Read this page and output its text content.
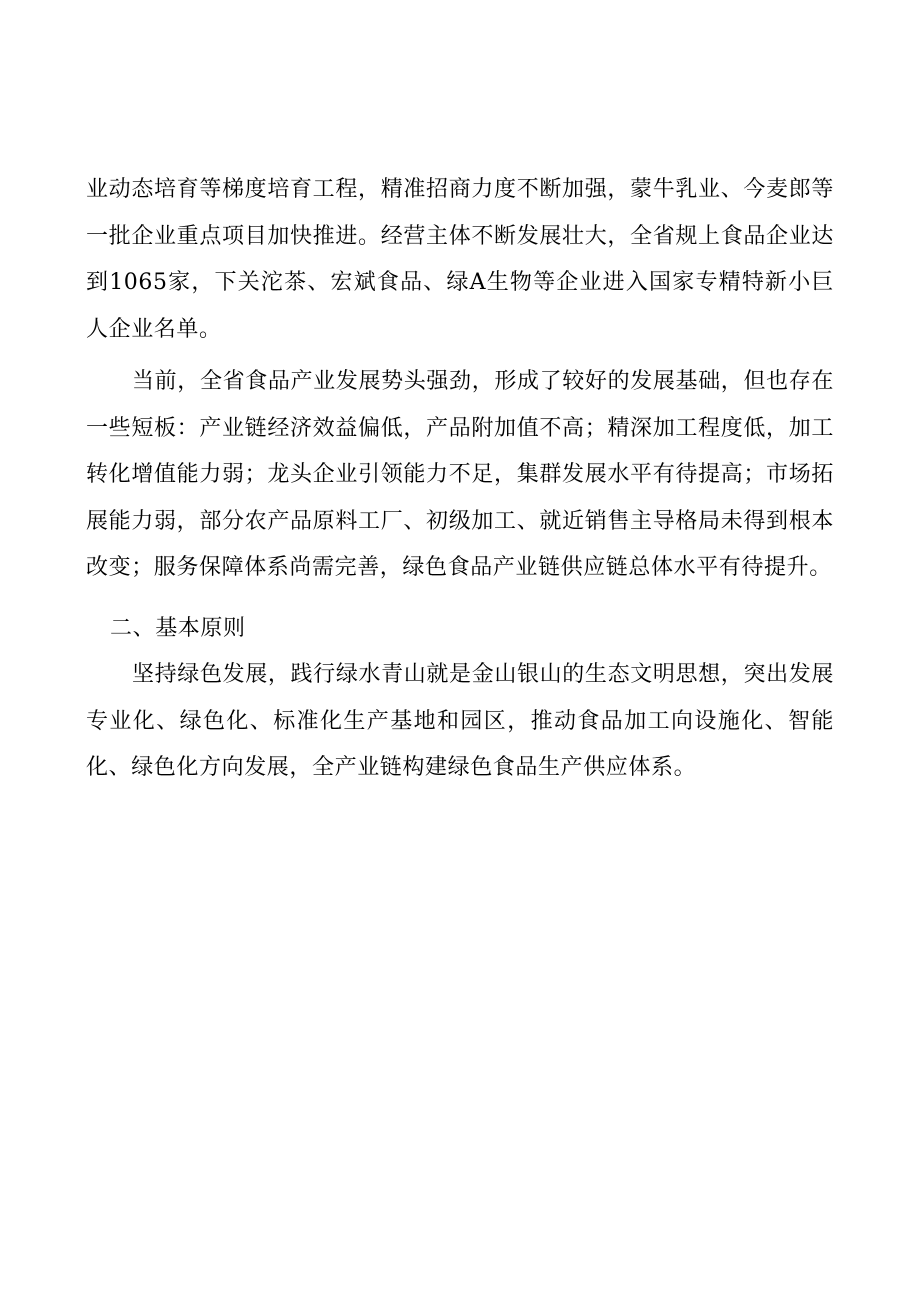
业动态培育等梯度培育工程，精准招商力度不断加强，蒙牛乳业、今麦郎等一批企业重点项目加快推进。经营主体不断发展壮大，全省规上食品企业达到1065家，下关沱茶、宏斌食品、绿A生物等企业进入国家专精特新小巨人企业名单。

当前，全省食品产业发展势头强劲，形成了较好的发展基础，但也存在一些短板：产业链经济效益偏低，产品附加值不高；精深加工程度低，加工转化增值能力弱；龙头企业引领能力不足，集群发展水平有待提高；市场拓展能力弱，部分农产品原料工厂、初级加工、就近销售主导格局未得到根本改变；服务保障体系尚需完善，绿色食品产业链供应链总体水平有待提升。

二、基本原则

坚持绿色发展，践行绿水青山就是金山银山的生态文明思想，突出发展专业化、绿色化、标准化生产基地和园区，推动食品加工向设施化、智能化、绿色化方向发展，全产业链构建绿色食品生产供应体系。
